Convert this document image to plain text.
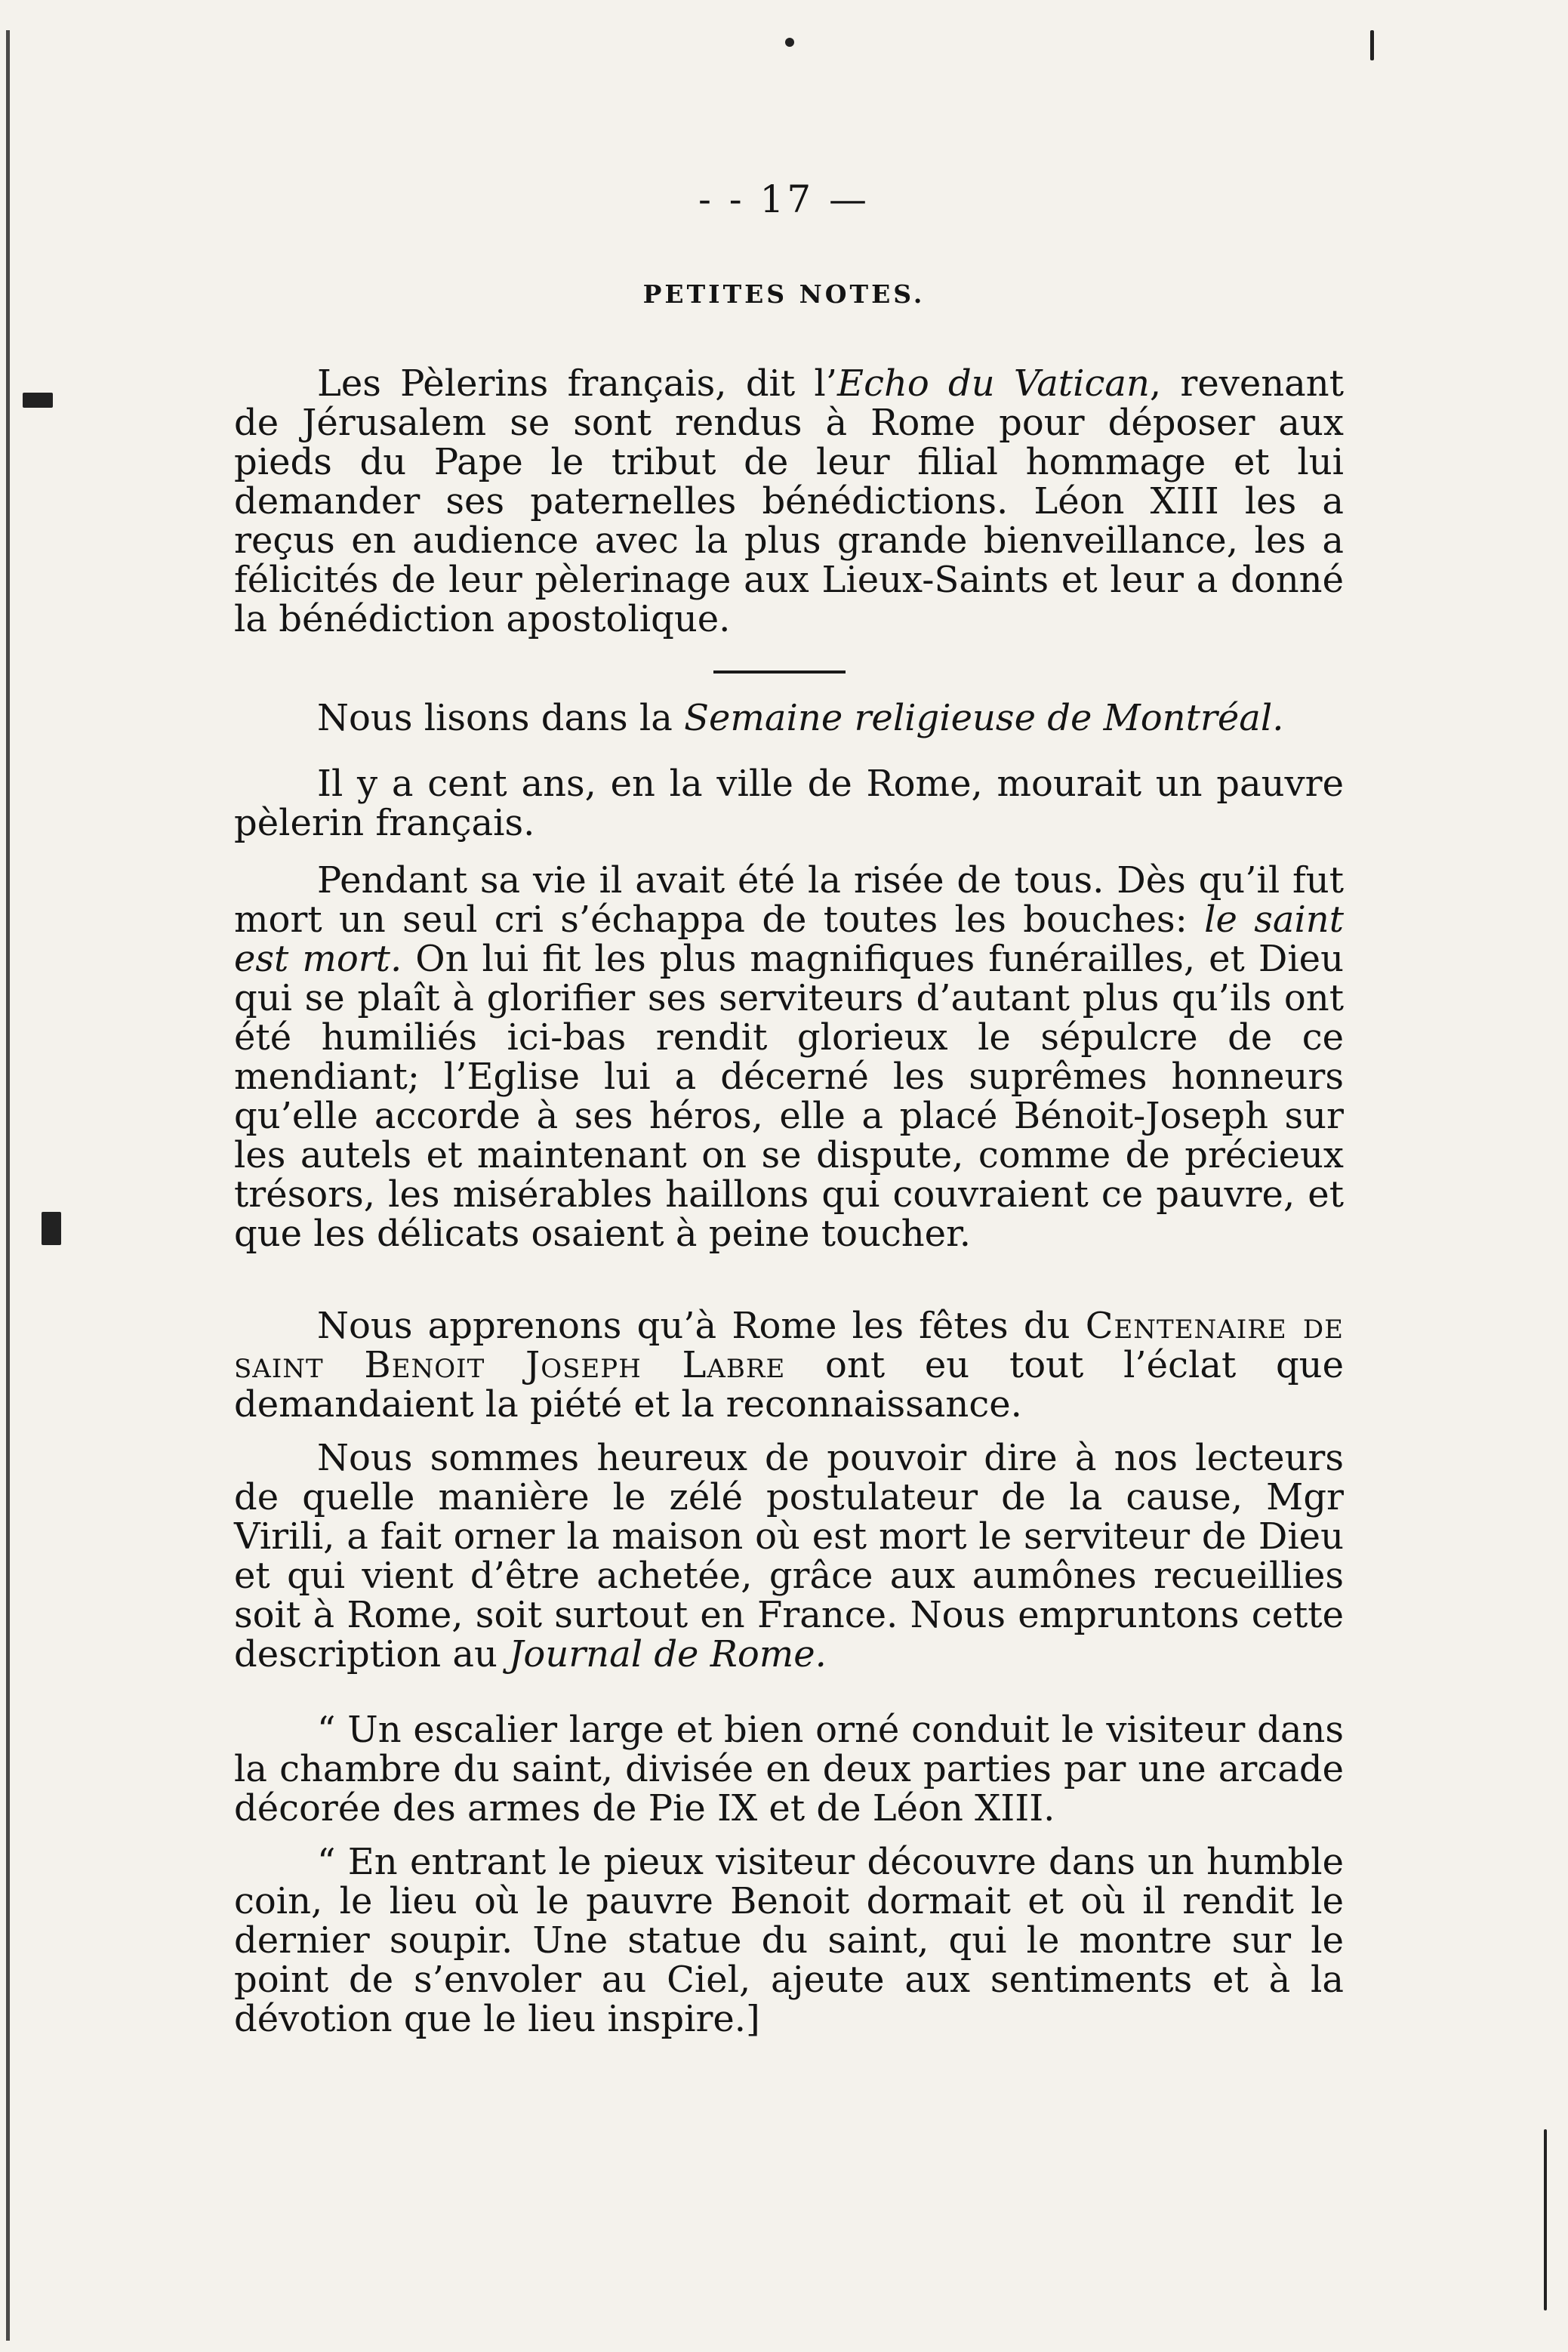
- - 17 —
PETITES NOTES.

Les Pèlerins français, dit l’Echo du Vatican, revenant de Jérusalem se sont rendus à Rome pour déposer aux pieds du Pape le tribut de leur filial hommage et lui demander ses paternelles bénédictions. Léon XIII les a reçus en audience avec la plus grande bienveillance, les a félicités de leur pèlerinage aux Lieux-Saints et leur a donné la bénédiction apostolique.

Nous lisons dans la Semaine religieuse de Montréal.

Il y a cent ans, en la ville de Rome, mourait un pauvre pèlerin français.

Pendant sa vie il avait été la risée de tous. Dès qu’il fut mort un seul cri s’échappa de toutes les bouches: le saint est mort. On lui fit les plus magnifiques funérailles, et Dieu qui se plaît à glorifier ses serviteurs d’autant plus qu’ils ont été humiliés ici-bas rendit glorieux le sépulcre de ce mendiant; l’Eglise lui a décerné les suprêmes honneurs qu’elle accorde à ses héros, elle a placé Bénoit-Joseph sur les autels et maintenant on se dispute, comme de précieux trésors, les misérables haillons qui couvraient ce pauvre, et que les délicats osaient à peine toucher.

Nous apprenons qu’à Rome les fêtes du Centenaire de saint Benoit Joseph Labre ont eu tout l’éclat que demandaient la piété et la reconnaissance.

Nous sommes heureux de pouvoir dire à nos lecteurs de quelle manière le zélé postulateur de la cause, Mgr Virili, a fait orner la maison où est mort le serviteur de Dieu et qui vient d’être achetée, grâce aux aumônes recueillies soit à Rome, soit surtout en France. Nous empruntons cette description au Journal de Rome.

“ Un escalier large et bien orné conduit le visiteur dans la chambre du saint, divisée en deux parties par une arcade décorée des armes de Pie IX et de Léon XIII.

“ En entrant le pieux visiteur découvre dans un humble coin, le lieu où le pauvre Benoit dormait et où il rendit le dernier soupir. Une statue du saint, qui le montre sur le point de s’envoler au Ciel, ajeute aux sentiments et à la dévotion que le lieu inspire.]
